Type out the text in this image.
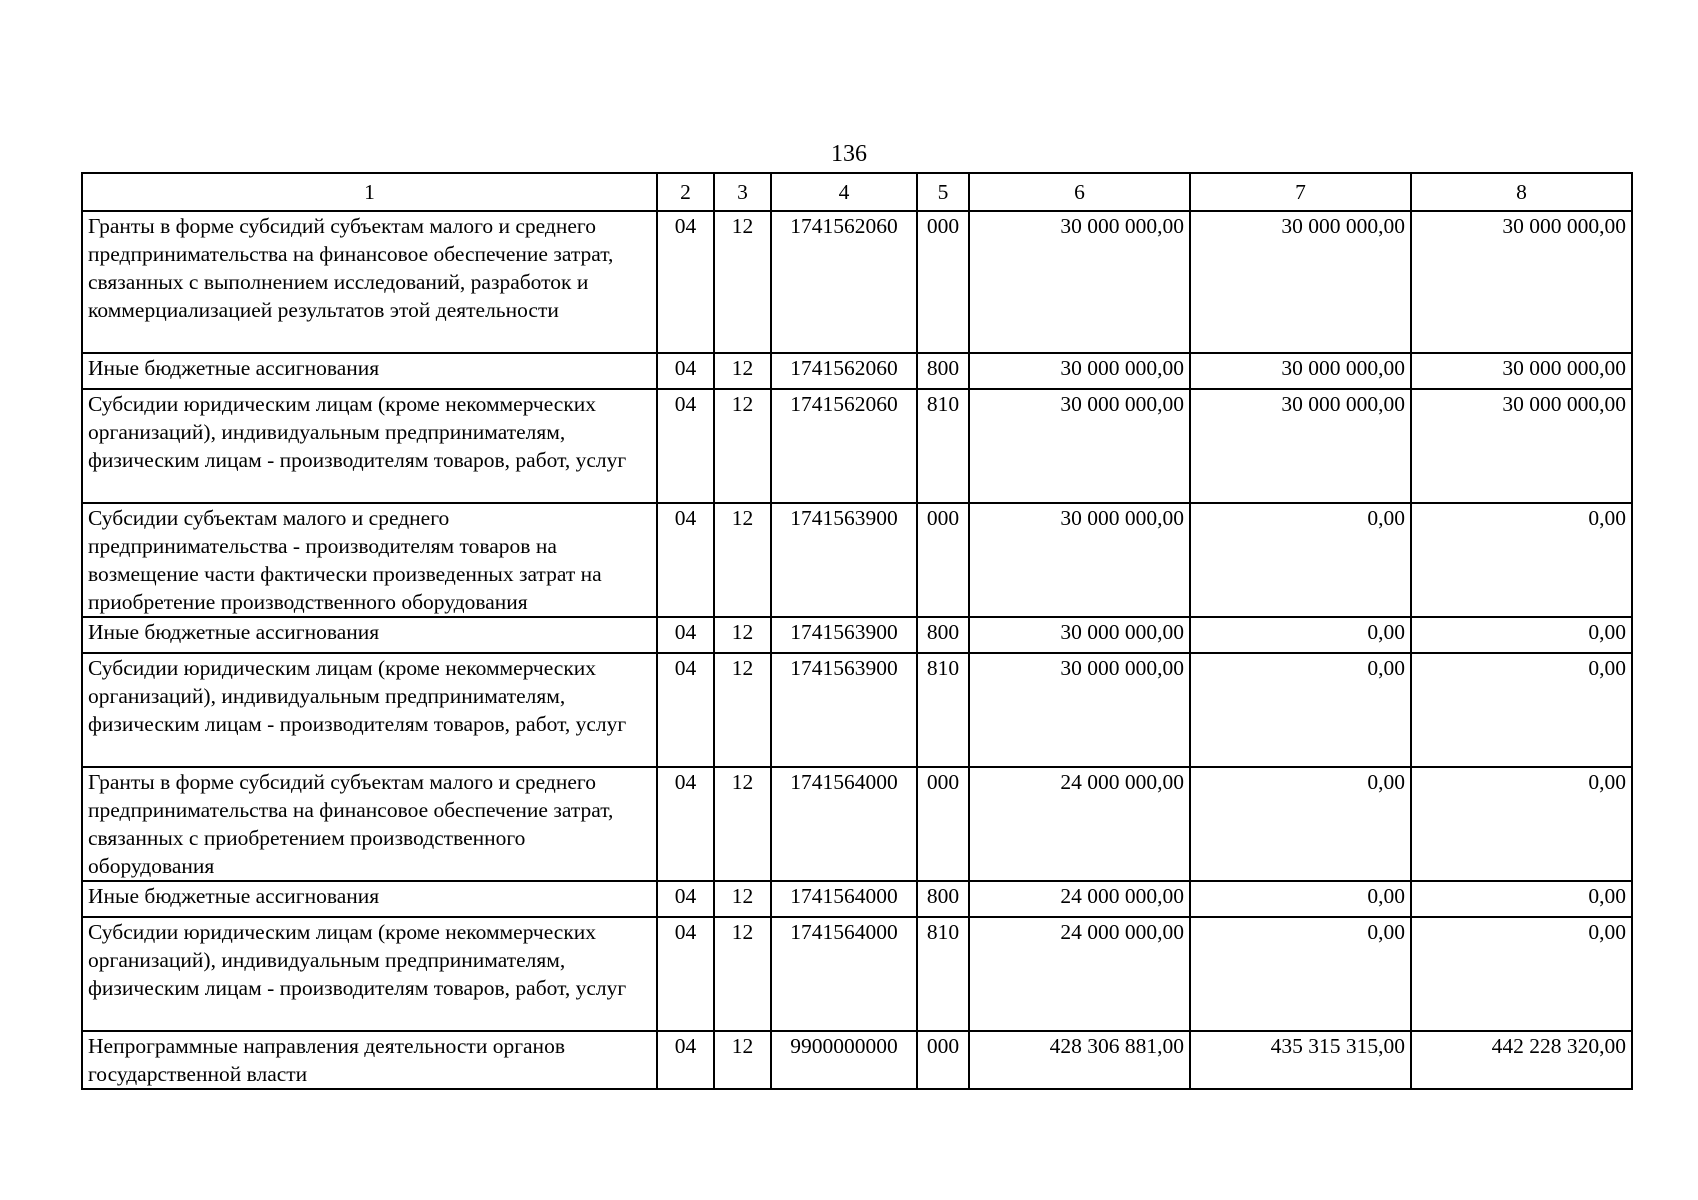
136
1	2	3	4	5	6	7	8
Гранты в форме субсидий субъектам малого и среднего предпринимательства на финансовое обеспечение затрат, связанных с выполнением исследований, разработок и коммерциализацией результатов этой деятельности	04	12	1741562060	000	30 000 000,00	30 000 000,00	30 000 000,00
Иные бюджетные ассигнования	04	12	1741562060	800	30 000 000,00	30 000 000,00	30 000 000,00
Субсидии юридическим лицам (кроме некоммерческих организаций), индивидуальным предпринимателям, физическим лицам - производителям товаров, работ, услуг	04	12	1741562060	810	30 000 000,00	30 000 000,00	30 000 000,00
Субсидии субъектам малого и среднего предпринимательства - производителям товаров на возмещение части фактически произведенных затрат на приобретение производственного оборудования	04	12	1741563900	000	30 000 000,00	0,00	0,00
Иные бюджетные ассигнования	04	12	1741563900	800	30 000 000,00	0,00	0,00
Субсидии юридическим лицам (кроме некоммерческих организаций), индивидуальным предпринимателям, физическим лицам - производителям товаров, работ, услуг	04	12	1741563900	810	30 000 000,00	0,00	0,00
Гранты в форме субсидий субъектам малого и среднего предпринимательства на финансовое обеспечение затрат, связанных с приобретением производственного оборудования	04	12	1741564000	000	24 000 000,00	0,00	0,00
Иные бюджетные ассигнования	04	12	1741564000	800	24 000 000,00	0,00	0,00
Субсидии юридическим лицам (кроме некоммерческих организаций), индивидуальным предпринимателям, физическим лицам - производителям товаров, работ, услуг	04	12	1741564000	810	24 000 000,00	0,00	0,00
Непрограммные направления деятельности органов государственной власти	04	12	9900000000	000	428 306 881,00	435 315 315,00	442 228 320,00
